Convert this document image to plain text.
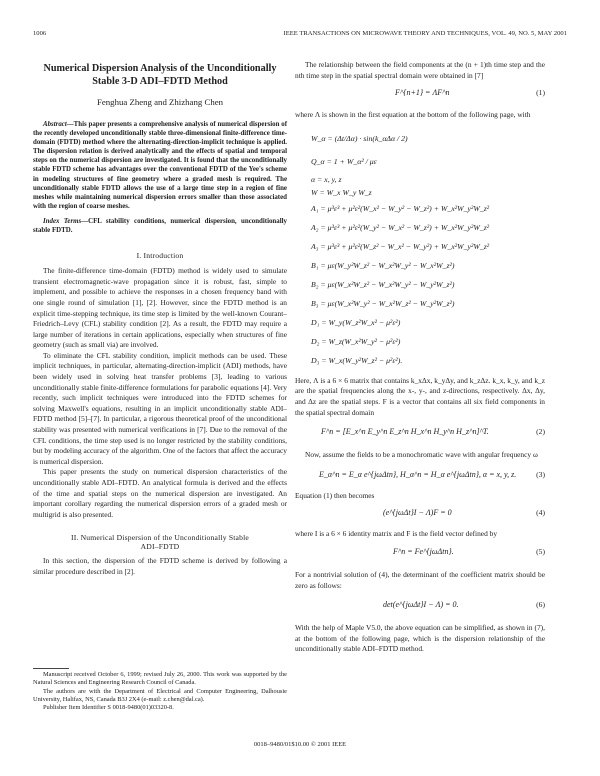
1006	IEEE TRANSACTIONS ON MICROWAVE THEORY AND TECHNIQUES, VOL. 49, NO. 5, MAY 2001
Numerical Dispersion Analysis of the Unconditionally
Stable 3-D ADI–FDTD Method
Fenghua Zheng and Zhizhang Chen
Abstract—This paper presents a comprehensive analysis of numerical dispersion of the recently developed unconditionally stable three-dimensional finite-difference time-domain (FDTD) method where the alternating-direction-implicit technique is applied. The dispersion relation is derived analytically and the effects of spatial and temporal steps on the numerical dispersion are investigated. It is found that the unconditionally stable FDTD scheme has advantages over the conventional FDTD of the Yee's scheme in modeling structures of fine geometry where a graded mesh is required. The unconditionally stable FDTD allows the use of a large time step in a region of fine meshes while maintaining numerical dispersion errors smaller than those associated with the region of coarse meshes.
Index Terms—CFL stability conditions, numerical dispersion, unconditionally stable FDTD.
I. Introduction

The finite-difference time-domain (FDTD) method is widely used to simulate transient electromagnetic-wave propagation since it is robust, fast, simple to implement, and possible to achieve the responses in a chosen frequency band with one single round of simulation [1], [2]. However, since the FDTD method is an explicit time-stepping technique, its time step is limited by the well-known Courant–Friedrich–Levy (CFL) stability condition [2]. As a result, the FDTD may require a large number of iterations in certain applications, especially when structures of fine geometry (such as small via) are involved.

To eliminate the CFL stability condition, implicit methods can be used. These implicit techniques, in particular, alternating-direction-implicit (ADI) methods, have been widely used in solving heat transfer problems [3], leading to various unconditionally stable finite-difference formulations for parabolic equations [4]. Very recently, such implicit techniques were introduced into the FDTD schemes for solving Maxwell's equations, resulting in an implicit unconditionally stable ADI–FDTD method [5]–[7]. In particular, a rigorous theoretical proof of the unconditional stability was presented with numerical verifications in [7]. Due to the removal of the CFL conditions, the time step used is no longer restricted by the stability conditions, but by modeling accuracy of the algorithm. One of the factors that affect the accuracy is numerical dispersion.

This paper presents the study on numerical dispersion characteristics of the unconditionally stable ADI–FDTD. An analytical formula is derived and the effects of the time and spatial steps on the numerical dispersion are investigated. An important corollary regarding the numerical dispersion errors of a graded mesh or multigrid is also presented.

II. Numerical Dispersion of the Unconditionally Stable
ADI–FDTD

In this section, the dispersion of the FDTD scheme is derived by following a similar procedure described in [2].

Manuscript received October 6, 1999; revised July 26, 2000. This work was supported by the Natural Sciences and Engineering Research Council of Canada.

The authors are with the Department of Electrical and Computer Engineering, Dalhousie University, Halifax, NS, Canada B3J 2X4 (e-mail: z.chen@dal.ca).

Publisher Item Identifier S 0018-9480(01)03320-8.

The relationship between the field components at the (n + 1)th time step and the nth time step in the spatial spectral domain were obtained in [7]

F^{n+1} = ΛF^n	(1)

where Λ is shown in the first equation at the bottom of the following page, with

W_α = (Δt/Δα) · sin(k_αΔα / 2)
Q_α = 1 + W_α² / με
α = x, y, z
W = W_x W_y W_z
A₁ = μ³ε³ + μ²ε²(W_x² − W_y² − W_z²) + W_x²W_y²W_z²
A₂ = μ³ε³ + μ²ε²(W_y² − W_x² − W_z²) + W_x²W_y²W_z²
A₃ = μ³ε³ + μ²ε²(W_z² − W_x² − W_y²) + W_x²W_y²W_z²
B₁ = με(W_y²W_z² − W_x²W_y² − W_x²W_z²)
B₂ = με(W_x²W_z² − W_x²W_y² − W_y²W_z²)
B₃ = με(W_x²W_y² − W_x²W_z² − W_y²W_z²)
D₁ = W_y(W_z²W_x² − μ²ε²)
D₂ = W_z(W_x²W_y² − μ²ε²)
D₃ = W_x(W_y²W_z² − μ²ε²).

Here, Λ is a 6 × 6 matrix that contains k_xΔx, k_yΔy, and k_zΔz. k_x, k_y, and k_z are the spatial frequencies along the x-, y-, and z-directions, respectively. Δx, Δy, and Δz are the spatial steps. F is a vector that contains all six field components in the spatial spectral domain

F^n = [E_x^n E_y^n E_z^n H_x^n H_y^n H_z^n]^T.	(2)

Now, assume the fields to be a monochromatic wave with angular frequency ω

E_α^n = E_α e^{jωΔtn}, H_α^n = H_α e^{jωΔtn}, α = x, y, z.	(3)

Equation (1) then becomes

(e^{jωΔt}I − Λ)F = 0	(4)

where I is a 6 × 6 identity matrix and F is the field vector defined by

F^n = Fe^{jωΔtn}.	(5)

For a nontrivial solution of (4), the determinant of the coefficient matrix should be zero as follows:

det(e^{jωΔt}I − Λ) = 0.	(6)

With the help of Maple V5.0, the above equation can be simplified, as shown in (7), at the bottom of the following page, which is the dispersion relationship of the unconditionally stable ADI–FDTD method.

0018–9480/01$10.00 © 2001 IEEE
